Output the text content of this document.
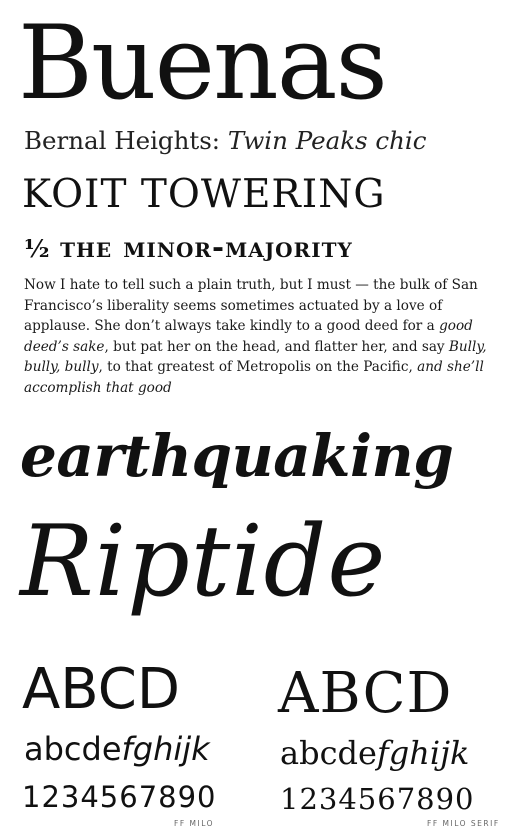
Buenas
Bernal Heights: Twin Peaks chic
KOIT TOWERING
½ the minor-majority

Now I hate to tell such a plain truth, but I must — the bulk of San Francisco’s liberality seems sometimes actuated by a love of applause. She don’t always take kindly to a good deed for a good deed’s sake, but pat her on the head, and flatter her, and say Bully, bully, bully, to that greatest of Metropolis on the Pacific, and she’ll accomplish that good

earthquaking
Riptide
ABCD
abcdefghijk
1234567890
FF MILO
ABCD
abcdefghijk
1234567890
FF MILO SERIF
